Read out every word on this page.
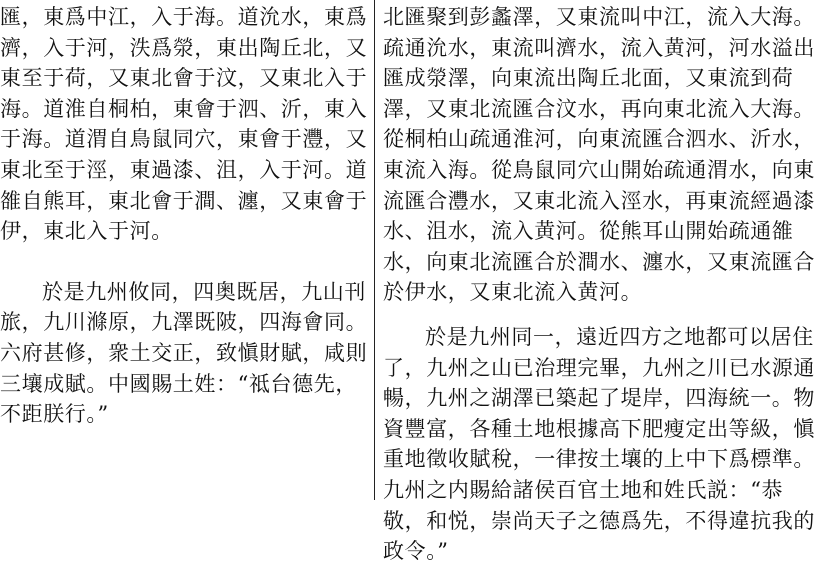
匯，東爲中江，入于海。道沇水，東爲濟，入于河，泆爲滎，東出陶丘北，又東至于荷，又東北會于汶，又東北入于海。道淮自桐柏，東會于泗、沂，東入于海。道渭自鳥鼠同穴，東會于灃，又東北至于涇，東過漆、沮，入于河。道雒自熊耳，東北會于澗、瀍，又東會于伊，東北入于河。

於是九州攸同，四奥既居，九山刊旅，九川滌原，九澤既陂，四海會同。六府甚修，衆土交正，致愼財賦，咸則三壤成賦。中國賜土姓：“祗台德先，不距朕行。”

北匯聚到彭蠡澤，又東流叫中江，流入大海。疏通沇水，東流叫濟水，流入黄河，河水溢出匯成滎澤，向東流出陶丘北面，又東流到荷澤，又東北流匯合汶水，再向東北流入大海。從桐柏山疏通淮河，向東流匯合泗水、沂水，東流入海。從鳥鼠同穴山開始疏通渭水，向東流匯合灃水，又東北流入涇水，再東流經過漆水、沮水，流入黄河。從熊耳山開始疏通雒水，向東北流匯合於澗水、瀍水，又東流匯合於伊水，又東北流入黄河。

於是九州同一，遠近四方之地都可以居住了，九州之山已治理完畢，九州之川已水源通暢，九州之湖澤已築起了堤岸，四海統一。物資豐富，各種土地根據高下肥瘦定出等級，愼重地徵收賦稅，一律按土壤的上中下爲標準。九州之内賜給諸侯百官土地和姓氏説：“恭敬，和悦，崇尚天子之德爲先，不得違抗我的政令。”
